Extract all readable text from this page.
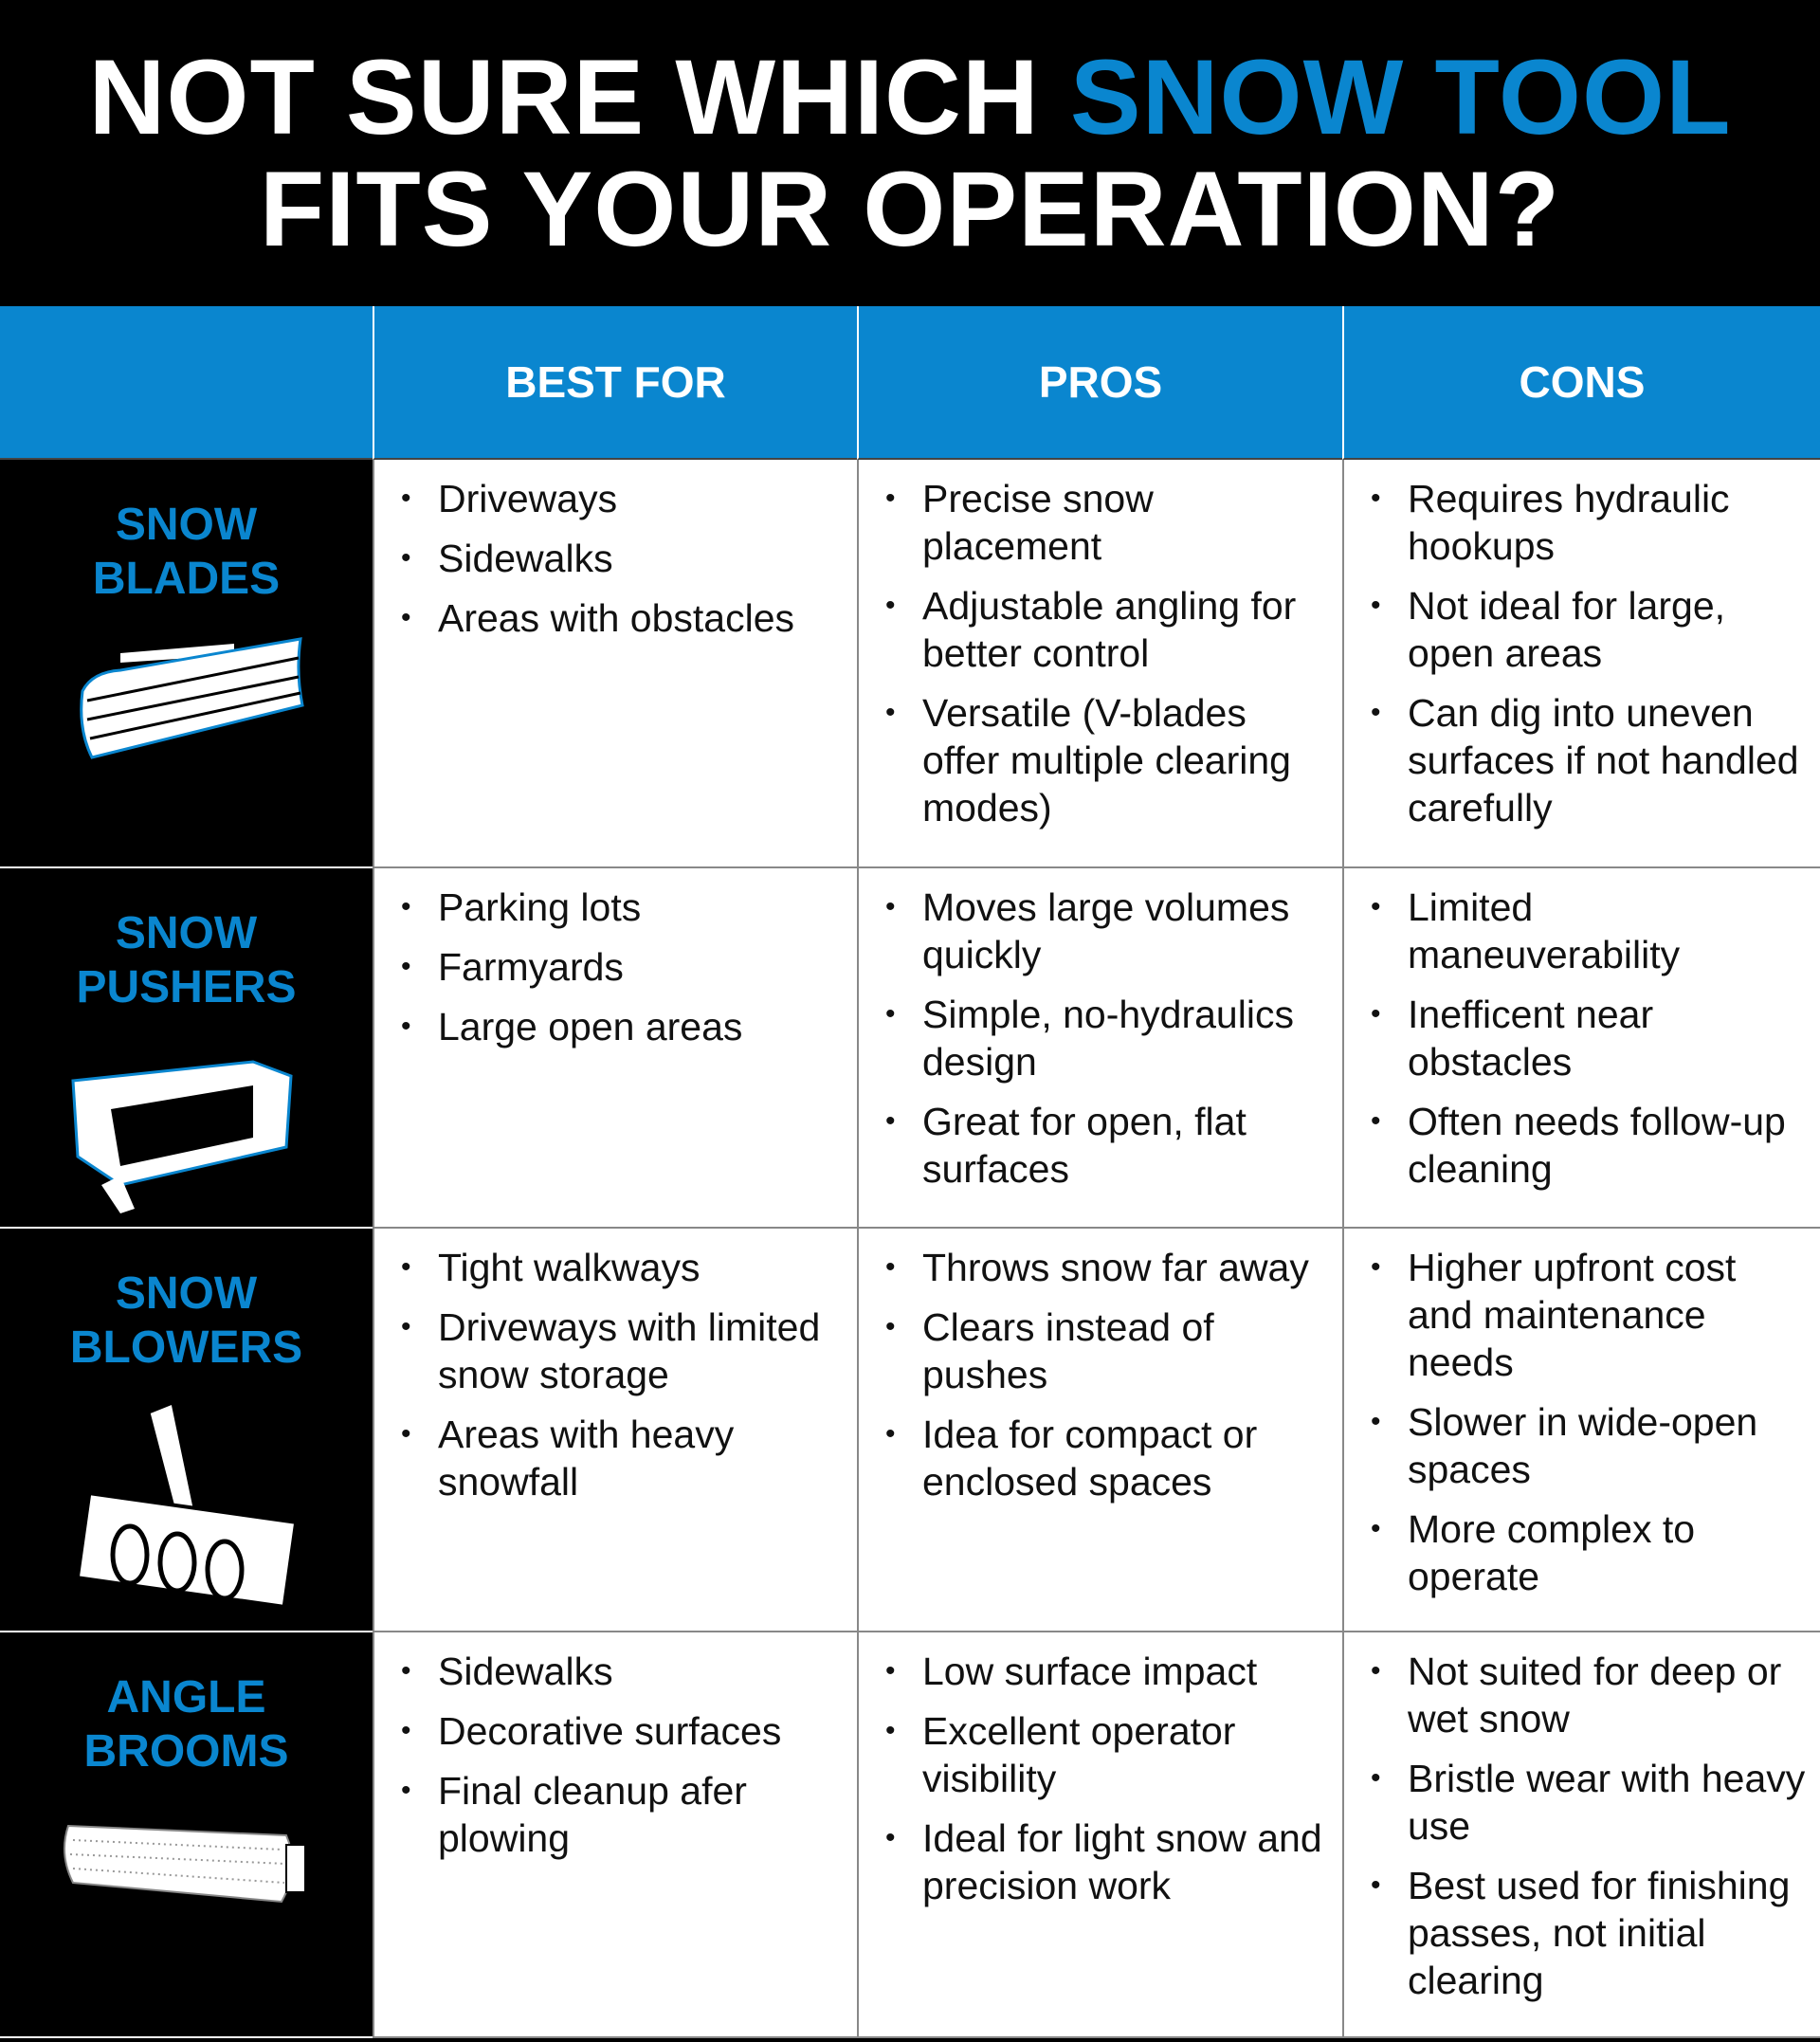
NOT SURE WHICH SNOW TOOL
FITS YOUR OPERATION?
BEST FOR	PROS	CONS
SNOW
BLADES
• Driveways
• Sidewalks
• Areas with obstacles
• Precise snow placement
• Adjustable angling for better control
• Versatile (V-blades offer multiple clearing modes)
• Requires hydraulic hookups
• Not ideal for large, open areas
• Can dig into uneven surfaces if not handled carefully
SNOW
PUSHERS
• Parking lots
• Farmyards
• Large open areas
• Moves large volumes quickly
• Simple, no-hydraulics design
• Great for open, flat surfaces
• Limited maneuverability
• Inefficent near obstacles
• Often needs follow-up cleaning
SNOW
BLOWERS
• Tight walkways
• Driveways with limited snow storage
• Areas with heavy snowfall
• Throws snow far away
• Clears instead of pushes
• Idea for compact or enclosed spaces
• Higher upfront cost and maintenance needs
• Slower in wide-open spaces
• More complex to operate
ANGLE
BROOMS
• Sidewalks
• Decorative surfaces
• Final cleanup afer plowing
• Low surface impact
• Excellent operator visibility
• Ideal for light snow and precision work
• Not suited for deep or wet snow
• Bristle wear with heavy use
• Best used for finishing passes, not initial clearing
